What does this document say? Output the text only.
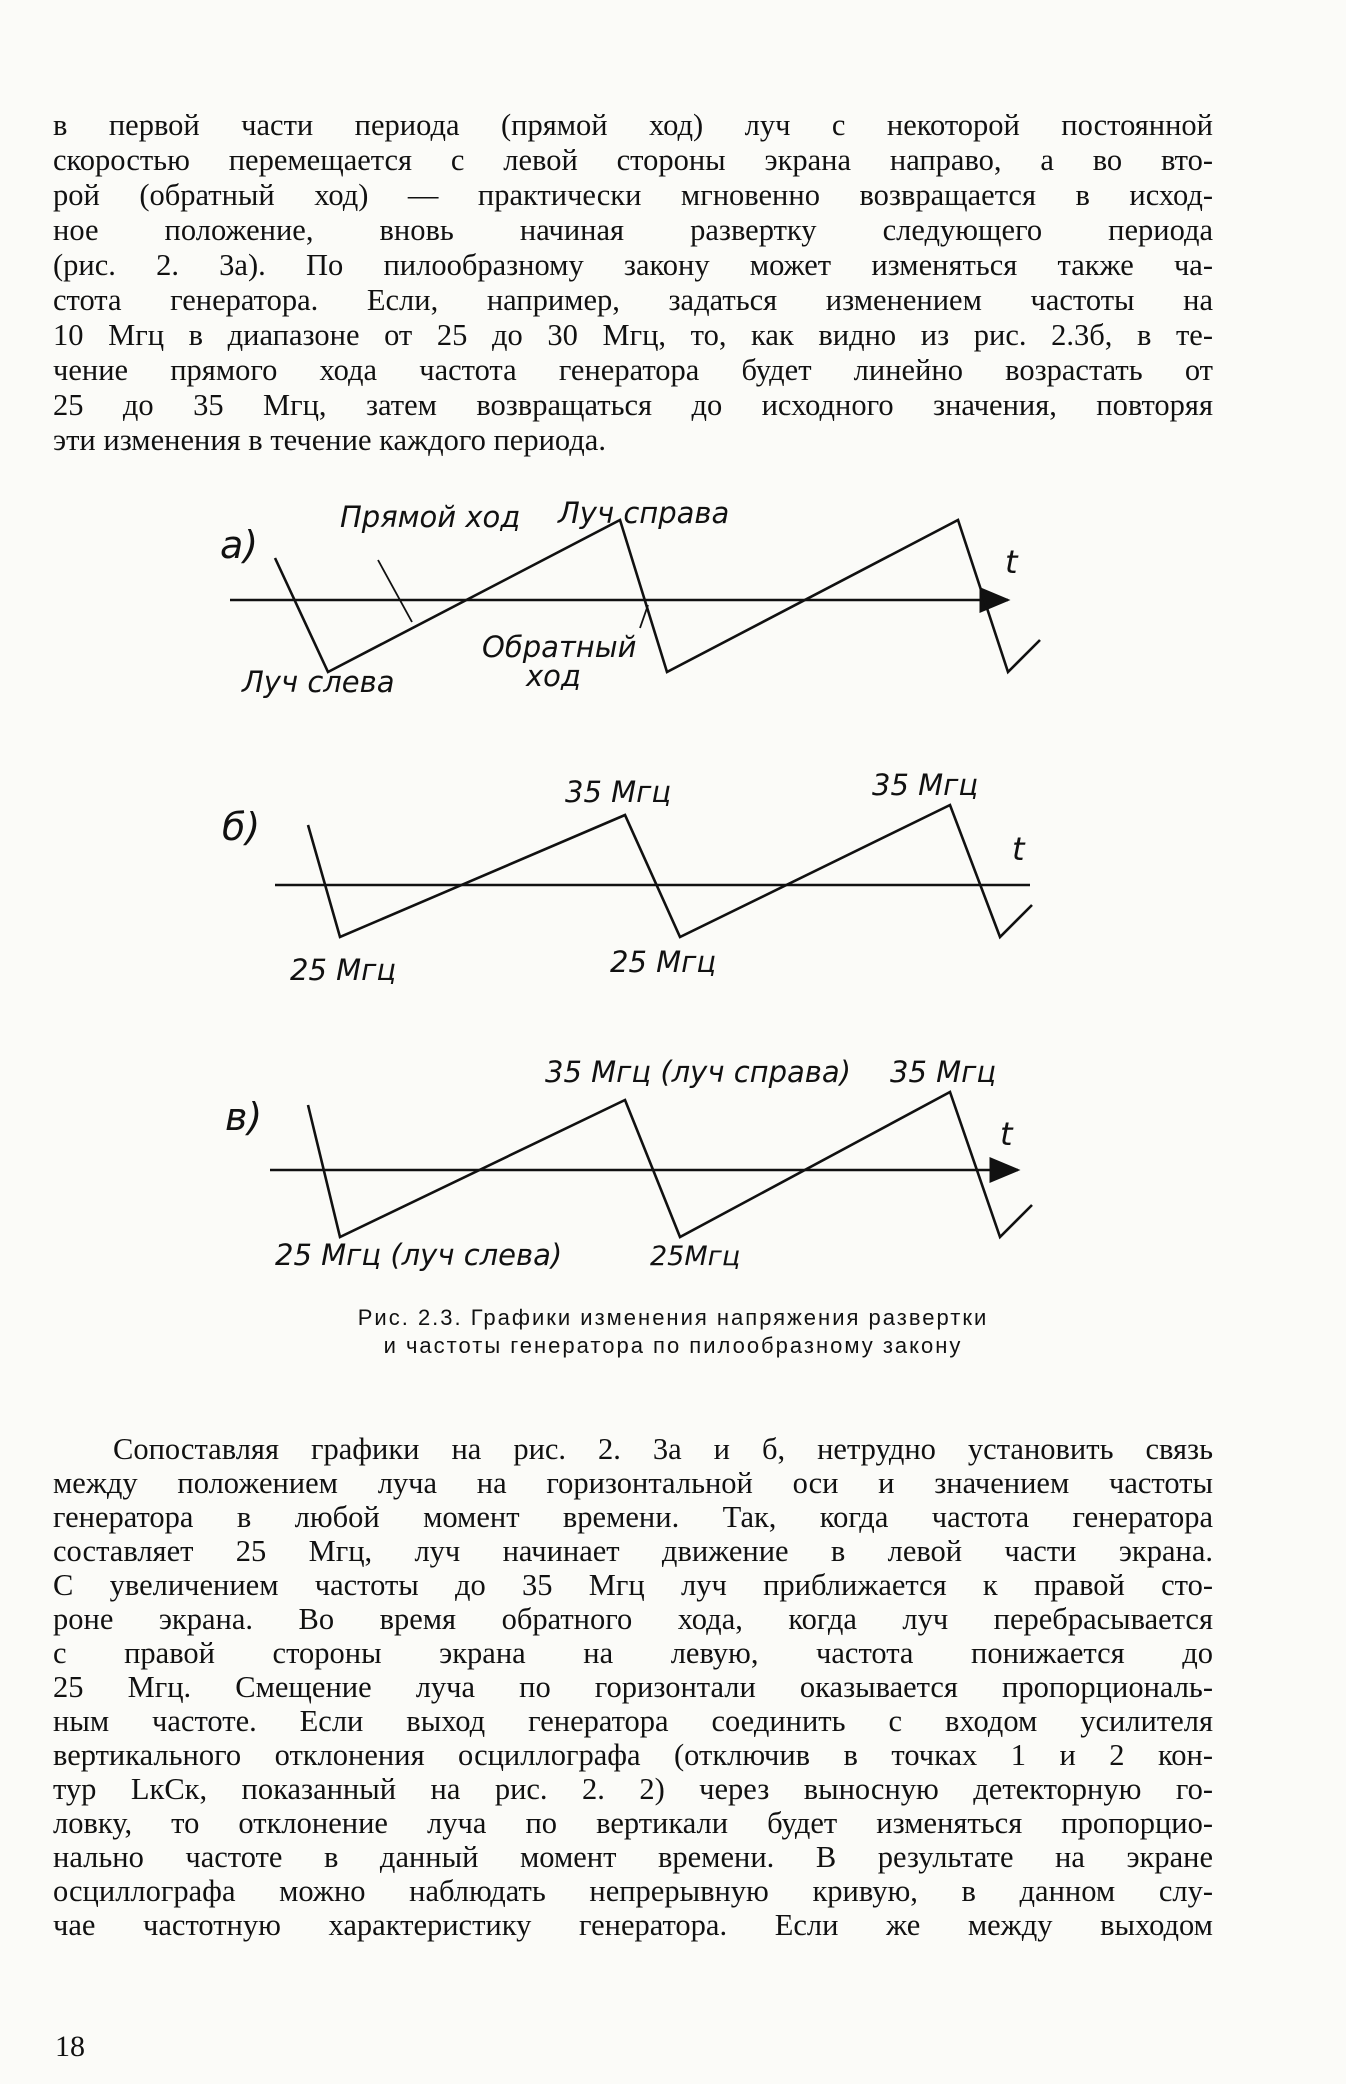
в первой части периода (прямой ход) луч с некоторой постоянной
скоростью перемещается с левой стороны экрана направо, а во вто-
рой (обратный ход) — практически мгновенно возвращается в исход-
ное положение, вновь начиная развертку следующего периода
(рис. 2. 3а). По пилообразному закону может изменяться также ча-
стота генератора. Если, например, задаться изменением частоты на
10 Мгц в диапазоне от 25 до 30 Мгц, то, как видно из рис. 2.3б, в те-
чение прямого хода частота генератора будет линейно возрастать от
25 до 35 Мгц, затем возвращаться до исходного значения, повторяя
эти изменения в течение каждого периода.
а)
Прямой ход Луч справа
t
Луч слева
Обратный
ход
б)
35 Мгц	35 Мгц
t
25 Мгц	25 Мгц
в)
35 Мгц (луч справа) 35 Мгц
t
25 Мгц (луч слева)	25Мгц
Рис. 2.3. Графики изменения напряжения развертки
и частоты генератора по пилообразному закону
Сопоставляя графики на рис. 2. 3а и б, нетрудно установить связь
между положением луча на горизонтальной оси и значением частоты
генератора в любой момент времени. Так, когда частота генератора
составляет 25 Мгц, луч начинает движение в левой части экрана.
С увеличением частоты до 35 Мгц луч приближается к правой сто-
роне экрана. Во время обратного хода, когда луч перебрасывается
с правой стороны экрана на левую, частота понижается до
25 Мгц. Смещение луча по горизонтали оказывается пропорциональ-
ным частоте. Если выход генератора соединить с входом усилителя
вертикального отклонения осциллографа (отключив в точках 1 и 2 кон-
тур LкCк, показанный на рис. 2. 2) через выносную детекторную го-
ловку, то отклонение луча по вертикали будет изменяться пропорцио-
нально частоте в данный момент времени. В результате на экране
осциллографа можно наблюдать непрерывную кривую, в данном слу-
чае частотную характеристику генератора. Если же между выходом
18
